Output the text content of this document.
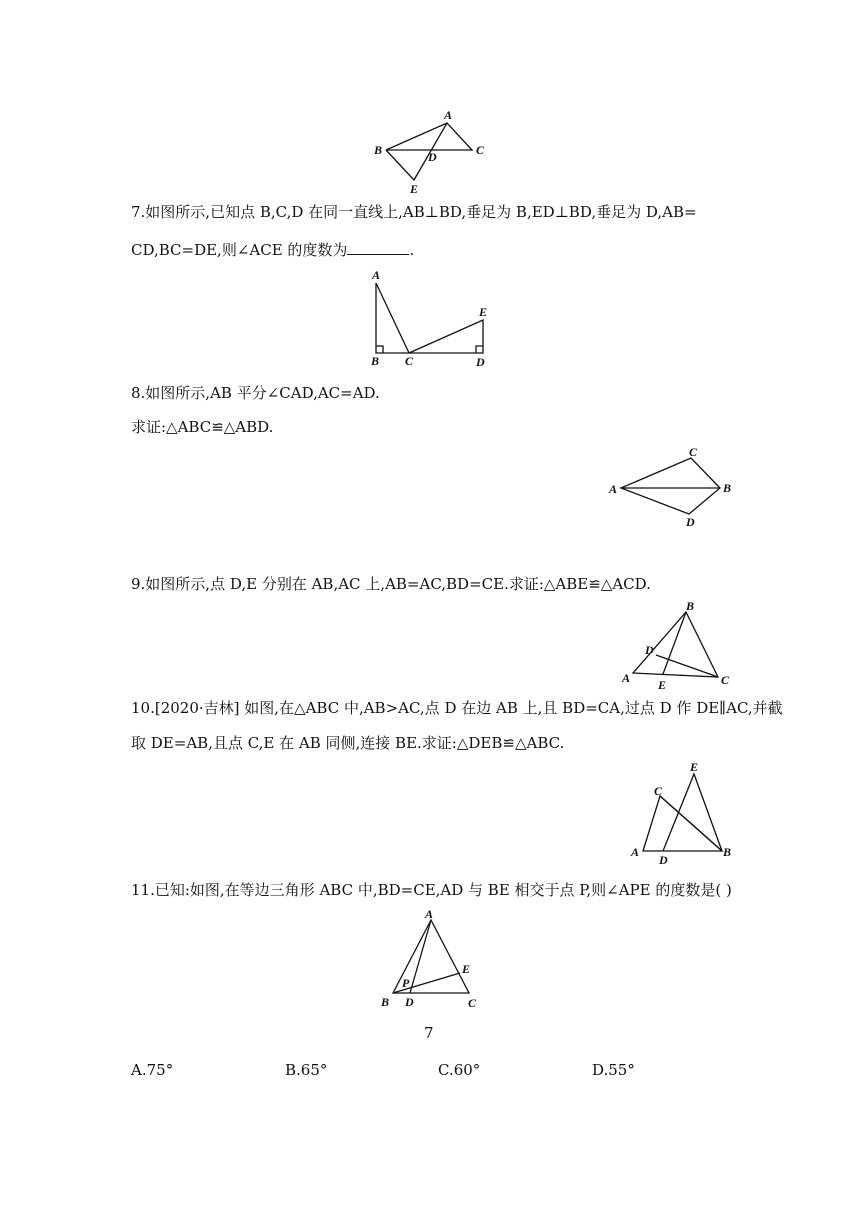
A
B	C
D
E
7.如图所示,已知点 B,C,D 在同一直线上,AB⊥BD,垂足为 B,ED⊥BD,垂足为 D,AB=
CD,BC=DE,则∠ACE 的度数为	.
A
B C	D
E
8.如图所示,AB 平分∠CAD,AC=AD.
求证:△ABC≌△ABD.
C
A	B
D
9.如图所示,点 D,E 分别在 AB,AC 上,AB=AC,BD=CE.求证:△ABE≌△ACD.
B
D
A E	C
10.[2020·吉林] 如图,在△ABC 中,AB>AC,点 D 在边 AB 上,且 BD=CA,过点 D 作 DE∥AC,并截
取 DE=AB,且点 C,E 在 AB 同侧,连接 BE.求证:△DEB≌△ABC.
E
C
A
D
B
11.已知:如图,在等边三角形 ABC 中,BD=CE,AD 与 BE 相交于点 P,则∠APE 的度数是( )
A
E
P
B D	C
7
A.75°	B.65°	C.60°	D.55°
